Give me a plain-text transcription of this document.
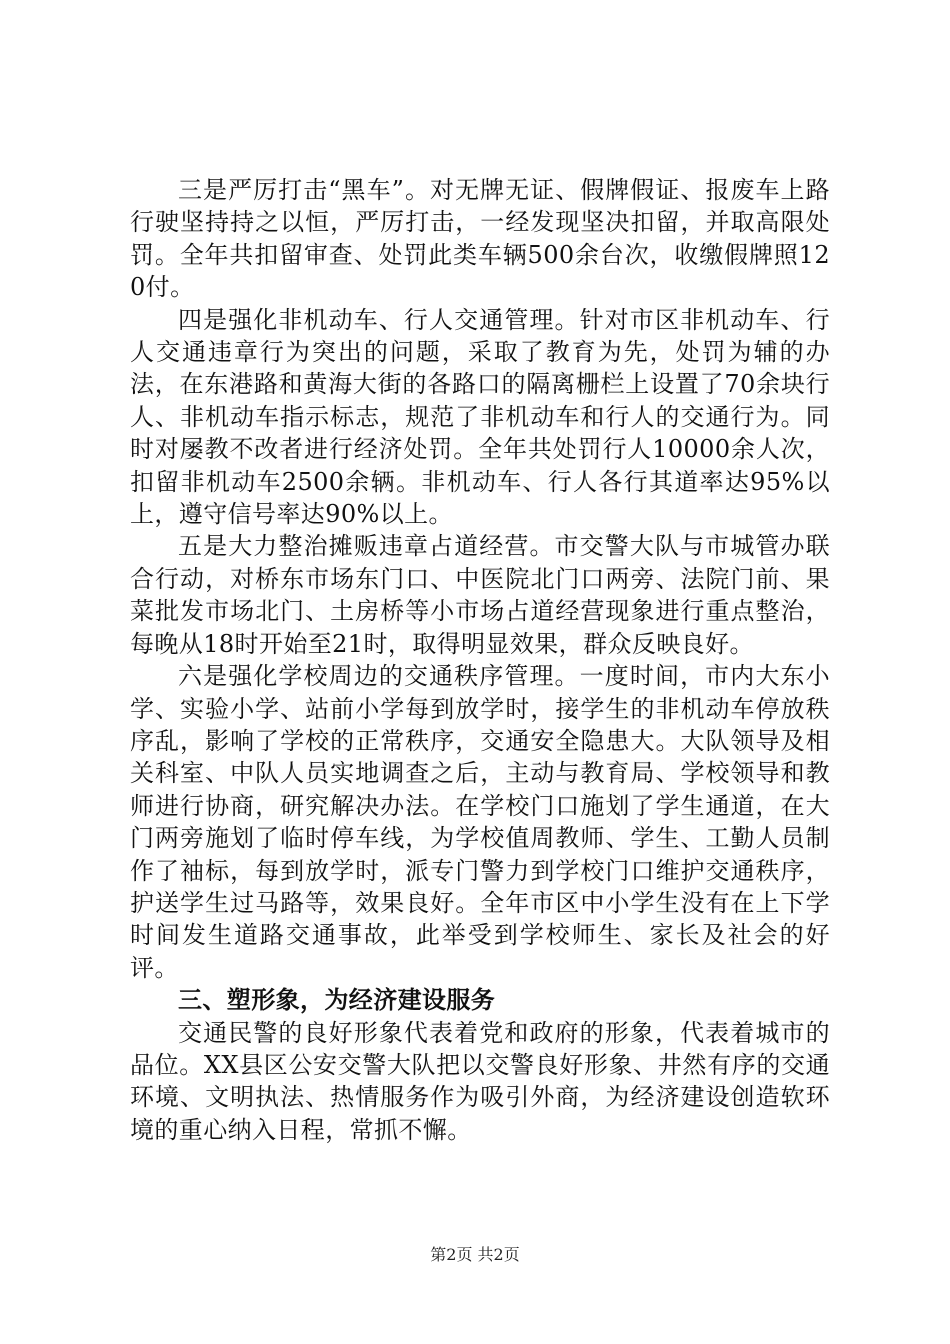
三是严厉打击“黑车”。对无牌无证、假牌假证、报废车上路行驶坚持持之以恒，严厉打击，一经发现坚决扣留，并取高限处罚。全年共扣留审查、处罚此类车辆500余台次，收缴假牌照120付。

四是强化非机动车、行人交通管理。针对市区非机动车、行人交通违章行为突出的问题，采取了教育为先，处罚为辅的办法，在东港路和黄海大街的各路口的隔离栅栏上设置了70余块行人、非机动车指示标志，规范了非机动车和行人的交通行为。同时对屡教不改者进行经济处罚。全年共处罚行人10000余人次，扣留非机动车2500余辆。非机动车、行人各行其道率达95%以上，遵守信号率达90%以上。

五是大力整治摊贩违章占道经营。市交警大队与市城管办联合行动，对桥东市场东门口、中医院北门口两旁、法院门前、果菜批发市场北门、土房桥等小市场占道经营现象进行重点整治，每晚从18时开始至21时，取得明显效果，群众反映良好。

六是强化学校周边的交通秩序管理。一度时间，市内大东小学、实验小学、站前小学每到放学时，接学生的非机动车停放秩序乱，影响了学校的正常秩序，交通安全隐患大。大队领导及相关科室、中队人员实地调查之后，主动与教育局、学校领导和教师进行协商，研究解决办法。在学校门口施划了学生通道，在大门两旁施划了临时停车线，为学校值周教师、学生、工勤人员制作了袖标，每到放学时，派专门警力到学校门口维护交通秩序，护送学生过马路等，效果良好。全年市区中小学生没有在上下学时间发生道路交通事故，此举受到学校师生、家长及社会的好评。

三、塑形象，为经济建设服务

交通民警的良好形象代表着党和政府的形象，代表着城市的品位。XX县区公安交警大队把以交警良好形象、井然有序的交通环境、文明执法、热情服务作为吸引外商，为经济建设创造软环境的重心纳入日程，常抓不懈。

第2页 共2页
